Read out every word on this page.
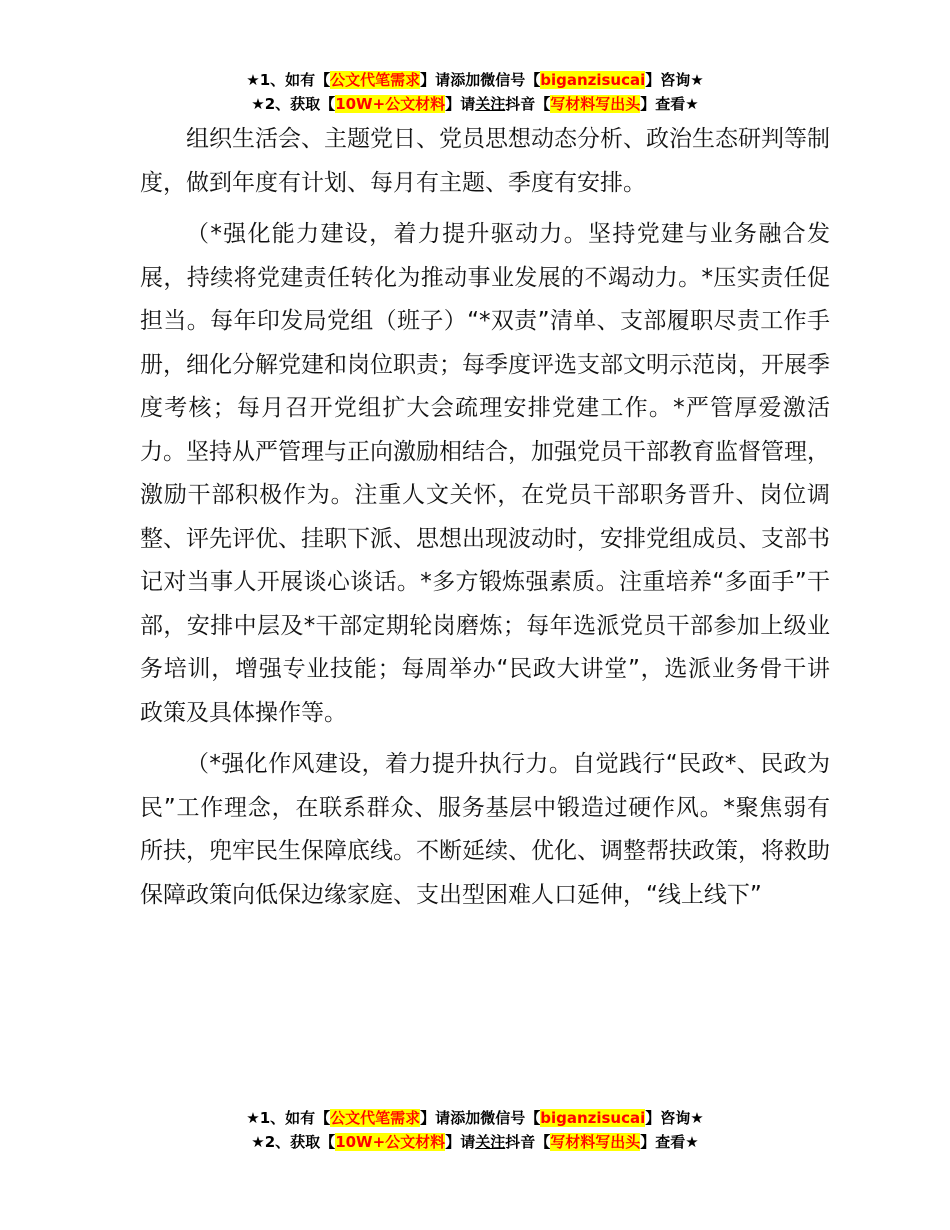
★1、如有【公文代笔需求】请添加微信号【biganzisucai】咨询★
★2、获取【10W+公文材料】请关注抖音【写材料写出头】查看★

组织生活会、主题党日、党员思想动态分析、政治生态研判等制度，做到年度有计划、每月有主题、季度有安排。

（*强化能力建设，着力提升驱动力。坚持党建与业务融合发展，持续将党建责任转化为推动事业发展的不竭动力。*压实责任促担当。每年印发局党组（班子）“*双责”清单、支部履职尽责工作手册，细化分解党建和岗位职责；每季度评选支部文明示范岗，开展季度考核；每月召开党组扩大会疏理安排党建工作。*严管厚爱激活力。坚持从严管理与正向激励相结合，加强党员干部教育监督管理，激励干部积极作为。注重人文关怀，在党员干部职务晋升、岗位调整、评先评优、挂职下派、思想出现波动时，安排党组成员、支部书记对当事人开展谈心谈话。*多方锻炼强素质。注重培养“多面手”干部，安排中层及*干部定期轮岗磨炼；每年选派党员干部参加上级业务培训，增强专业技能；每周举办“民政大讲堂”，选派业务骨干讲政策及具体操作等。

（*强化作风建设，着力提升执行力。自觉践行“民政*、民政为民”工作理念，在联系群众、服务基层中锻造过硬作风。*聚焦弱有所扶，兜牢民生保障底线。不断延续、优化、调整帮扶政策，将救助保障政策向低保边缘家庭、支出型困难人口延伸，“线上线下”

★1、如有【公文代笔需求】请添加微信号【biganzisucai】咨询★
★2、获取【10W+公文材料】请关注抖音【写材料写出头】查看★
